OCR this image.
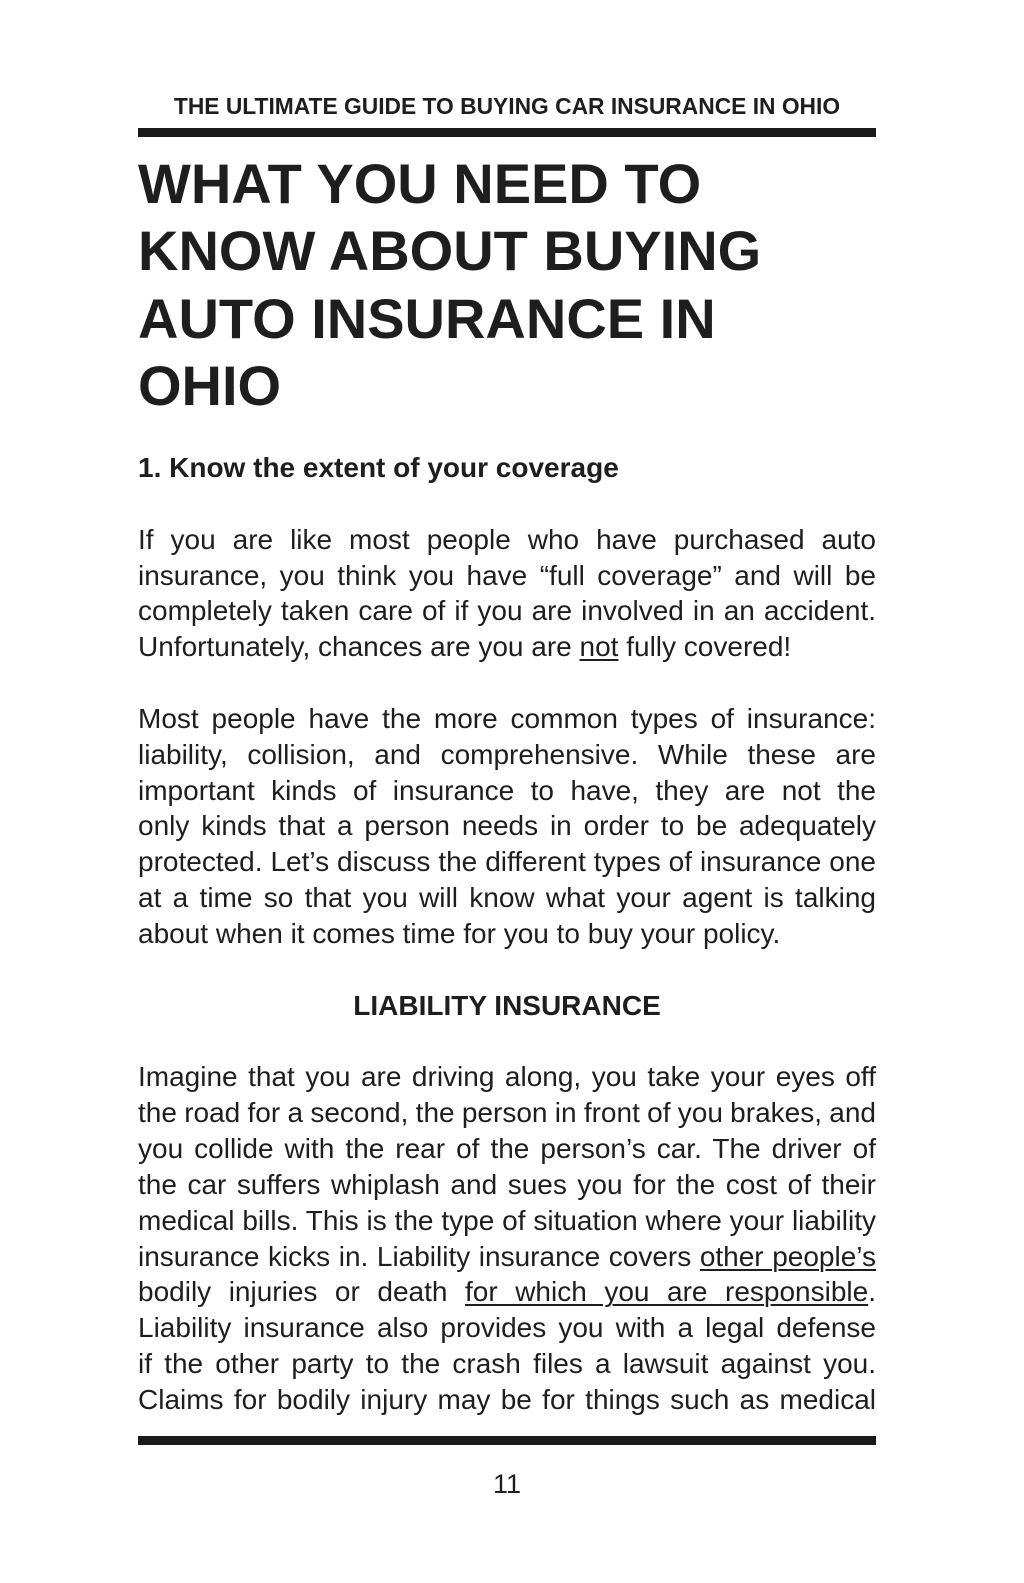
THE ULTIMATE GUIDE TO BUYING CAR INSURANCE IN OHIO
WHAT YOU NEED TO
KNOW ABOUT BUYING
AUTO INSURANCE IN
OHIO
1. Know the extent of your coverage
If you are like most people who have purchased auto
insurance, you think you have “full coverage” and will be
completely taken care of if you are involved in an accident.
Unfortunately, chances are you are not fully covered!
Most people have the more common types of insurance:
liability, collision, and comprehensive. While these are
important kinds of insurance to have, they are not the
only kinds that a person needs in order to be adequately
protected. Let’s discuss the different types of insurance one
at a time so that you will know what your agent is talking
about when it comes time for you to buy your policy.
LIABILITY INSURANCE
Imagine that you are driving along, you take your eyes off
the road for a second, the person in front of you brakes, and
you collide with the rear of the person’s car. The driver of
the car suffers whiplash and sues you for the cost of their
medical bills. This is the type of situation where your liability
insurance kicks in. Liability insurance covers other people’s
bodily injuries or death for which you are responsible.
Liability insurance also provides you with a legal defense
if the other party to the crash files a lawsuit against you.
Claims for bodily injury may be for things such as medical
11
